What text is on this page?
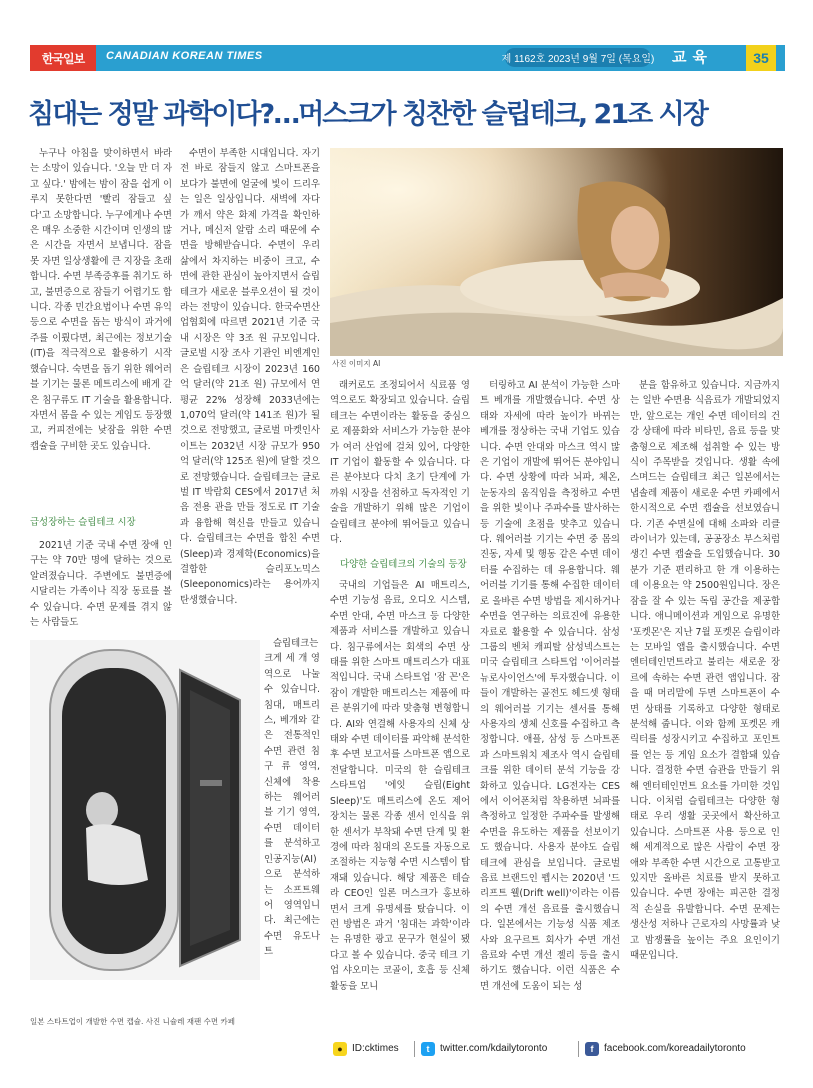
한국일보	CANADIAN KOREAN TIMES	제 1162호 2023년 9월 7일 (목요일) 교육	35
침대는 정말 과학이다?…머스크가 칭찬한 슬립테크, 21조 시장
사진 이미지 AI
일본 스타트업이 개발한 수면 캡슐. 사진 니슐레 재팬 수면 카페

누구나 아침을 맞이하면서 바라는 소망이 있습니다. '오늘 만 더 자고 싶다.' 밤에는 밤이 잠을 쉽게 이루지 못한다면 '빨리 잠들고 싶다'고 소망합니다. 누구에게나 수면은 매우 소중한 시간이며 인생의 많은 시간을 자면서 보냅니다. 잠을 못 자면 일상생활에 큰 지장을 초래합니다. 수면 부족증후를 취기도 하고, 불면증으로 잠들기 어렵기도 합니다. 각종 민간요법이나 수면 유익 등으로 수면을 돕는 방식이 과거에 주를 이뤘다면, 최근에는 정보기술(IT)을 적극적으로 활용하기 시작했습니다. 숙면을 돕기 위한 웨어러블 기기는 물론 메트리스에 배게 같은 침구류도 IT 기술을 활용합니다. 자면서 몸을 수 있는 게임도 등장했고, 커피전에는 낮잠을 위한 수면 캡슐을 구비한 곳도 있습니다.

급성장하는 슬립테크 시장

2021년 기준 국내 수면 장애 인구는 약 70만 명에 달하는 것으로 알려졌습니다. 주변에도 불면증에 시달리는 가족이나 직장 동료를 볼 수 있습니다. 수면 문제를 겪지 않는 사람들도

수면이 부족한 시대입니다. 자기 전 바로 잠들지 않고 스마트폰을 보다가 불면에 얼굴에 빛이 드리우는 일은 일상입니다. 새벽에 자다가 깨서 약은 화제 가격을 확인하거나, 메신저 알람 소리 때문에 수면을 방해받습니다. 수면이 우리 삶에서 차지하는 비중이 크고, 수면에 관한 관심이 높아지면서 슬립테크가 새로운 블루오션이 될 것이라는 전망이 있습니다. 한국수면산업협회에 따르면 2021년 기준 국내 시장은 약 3조 원 규모입니다. 글로벌 시장 조사 기관인 비엔계인은 슬립테크 시장이 2023년 160억 달러(약 21조 원) 규모에서 연평균 22% 성장해 2033년에는 1,070억 달러(약 141조 원)가 될 것으로 전망했고, 글로벌 마켓인사이트는 2032년 시장 규모가 950억 달러(약 125조 원)에 달할 것으로 전망했습니다. 슬립테크는 글로벌 IT 박람회 CES에서 2017년 처음 전용 관을 만들 정도로 IT 기술과 융합해 혁신을 만들고 있습니다. 슬립테크는 수면을 합친 수면(Sleep)과 경제학(Economics)을 결합한 슬리포노믹스(Sleeponomics)라는 용어까지 탄생했습니다.

슬립테크는 크게 세 개 영역으로 나눌 수 있습니다. 침대, 매트리스, 베개와 같은 전통적인 수면 관련 침구 류 영역, 신체에 착용하는 웨어러블 기기 영역, 수면 데이터를 분석하고 인공지능(AI)으로 분석하는 소프트웨어 영역입니다. 최근에는 수면 유도나 트

래커로도 조정되어서 식료품 영역으로도 확장되고 있습니다. 슬립테크는 수면이라는 활동을 중심으로 제품화와 서비스가 가능한 분야가 여러 산업에 걸쳐 있어, 다양한 IT 기업이 활동할 수 있습니다. 다른 분야보다 다치 초기 단계에 가까워 시장을 선점하고 독자적인 기술을 개발하기 위해 많은 기업이 슬립테크 분야에 뛰어들고 있습니다.

다양한 슬립테크의 기술의 등장

국내의 기업들은 AI 매트리스, 수면 기능성 음료, 오디오 시스템, 수면 안대, 수면 마스크 등 다양한 제품과 서비스를 개발하고 있습니다. 침구류에서는 회색의 수면 상태를 위한 스마트 매트리스가 대표적입니다. 국내 스타트업 '잠 꼰'은 잠이 개발한 매트리스는 제품에 따른 분위기에 따라 맞춤형 변형합니다. AI와 연결해 사용자의 신체 상태와 수면 데이터를 파악해 분석한 후 수면 보고서를 스마트폰 앱으로 전달합니다. 미국의 한 슬립테크 스타트업 '에잇 슬립(Eight Sleep)'도 매트리스에 온도 제어 장치는 물론 각종 센서 인식을 위한 센서가 부착돼 수면 단계 및 환경에 따라 침대의 온도를 자동으로 조절하는 지능형 수면 시스템이 탑재돼 있습니다. 해당 제품은 테슬라 CEO인 일론 머스크가 홍보하면서 크게 유명세를 탔습니다. 이런 방법은 과거 '침대는 과학'이라는 유명한 광고 문구가 현실이 됐다고 볼 수 있습니다. 중국 테크 기업 샤오미는 코골이, 호흡 등 신체 활동을 모니

터링하고 AI 분석이 가능한 스마트 베개를 개발했습니다. 수면 상태와 자세에 따라 높이가 바뀌는 베개를 정상하는 국내 기업도 있습니다. 수면 안대와 마스크 역시 많은 기업이 개발에 뛰어든 분야입니다. 수면 상황에 따라 뇌파, 체온, 눈동자의 움직임을 측정하고 수면을 위한 빛이나 주파수를 발사하는 등 기술에 초점을 맞추고 있습니다. 웨어러블 기기는 수면 중 몸의 진동, 자세 및 행동 같은 수면 데이터를 수집하는 데 유용합니다. 웨어러블 기기를 통해 수집한 데이터로 올바른 수면 방법을 제시하거나 수면을 연구하는 의료진에 유용한 자료로 활용할 수 있습니다. 삼성그룹의 벤처 캐피탈 삼성넥스트는 미국 슬립테크 스타트업 '이어러블 뉴로사이언스'에 투자했습니다. 이들이 개발하는 골전도 헤드셋 형태의 웨어러블 기기는 센서를 통해 사용자의 생체 신호를 수집하고 측정합니다. 애플, 삼성 등 스마트폰과 스마트워치 제조사 역시 슬립테크를 위한 데이터 분석 기능을 강화하고 있습니다. LG전자는 CES에서 이어폰처럼 착용하면 뇌파를 측정하고 일정한 주파수를 발생해 수면을 유도하는 제품을 선보이기도 했습니다. 사용자 분야도 슬립테크에 관심을 보입니다. 글로벌 음료 브랜드인 펩시는 2020년 '드리프트 웰(Drift well)'이라는 이름의 수면 개선 음료를 출시했습니다. 일본에서는 기능성 식품 제조사와 요구르트 회사가 수면 개선 음료와 수면 개선 젤리 등을 출시하기도 했습니다. 이런 식품은 수면 개선에 도움이 되는 성

분을 함유하고 있습니다. 지금까지는 일반 수면용 식음료가 개발되었지만, 앞으로는 개인 수면 데이터의 건강 상태에 따라 비타민, 음료 등을 맞춤형으로 제조해 섭취할 수 있는 방식이 주목받을 것입니다. 생활 속에 스며드는 슬립테크 최근 일본에서는 냅솔레 제품이 새로운 수면 카페에서 한시적으로 수면 캡슐을 선보였습니다. 기존 수면실에 대해 소파와 리클라이너가 있는데, 공공장소 부스처럼 생긴 수면 캡슐을 도입했습니다. 30분가 기준 편리하고 한 개 이용하는데 이용요는 약 2500원입니다. 장은 잠을 잘 수 있는 독립 공간을 제공합니다. 애니메이션과 게임으로 유명한 '포켓몬'은 지난 7월 포켓몬 슬립이라는 모바일 앱을 출시했습니다. 수면 엔터테인먼트라고 불리는 새로운 장르에 속하는 수면 관련 앱입니다. 잠을 때 머리맡에 두면 스마트폰이 수면 상태를 기록하고 다양한 형태로 분석해 줍니다. 이와 함께 포켓몬 캐릭터를 성장시키고 수집하고 포인트를 얻는 등 게임 요소가 결합돼 있습니다. 결정한 수면 습관을 만들기 위해 엔터테인먼트 요소를 가미한 것입니다. 이처럼 슬립테크는 다양한 형태로 우리 생활 곳곳에서 확산하고 있습니다. 스마트폰 사용 등으로 인해 세계적으로 많은 사람이 수면 장애와 부족한 수면 시간으로 고통받고 있지만 올바른 치료를 받지 못하고 있습니다. 수면 장애는 피곤한 결정적 손실을 유발합니다. 수면 문제는 생산성 저하나 근로자의 사망률과 낮고 밤쟁률을 높이는 주요 요인이기 때문입니다.

● ID:cktimes	t	twitter.com/kdailytoronto	f	facebook.com/koreadailytoronto
